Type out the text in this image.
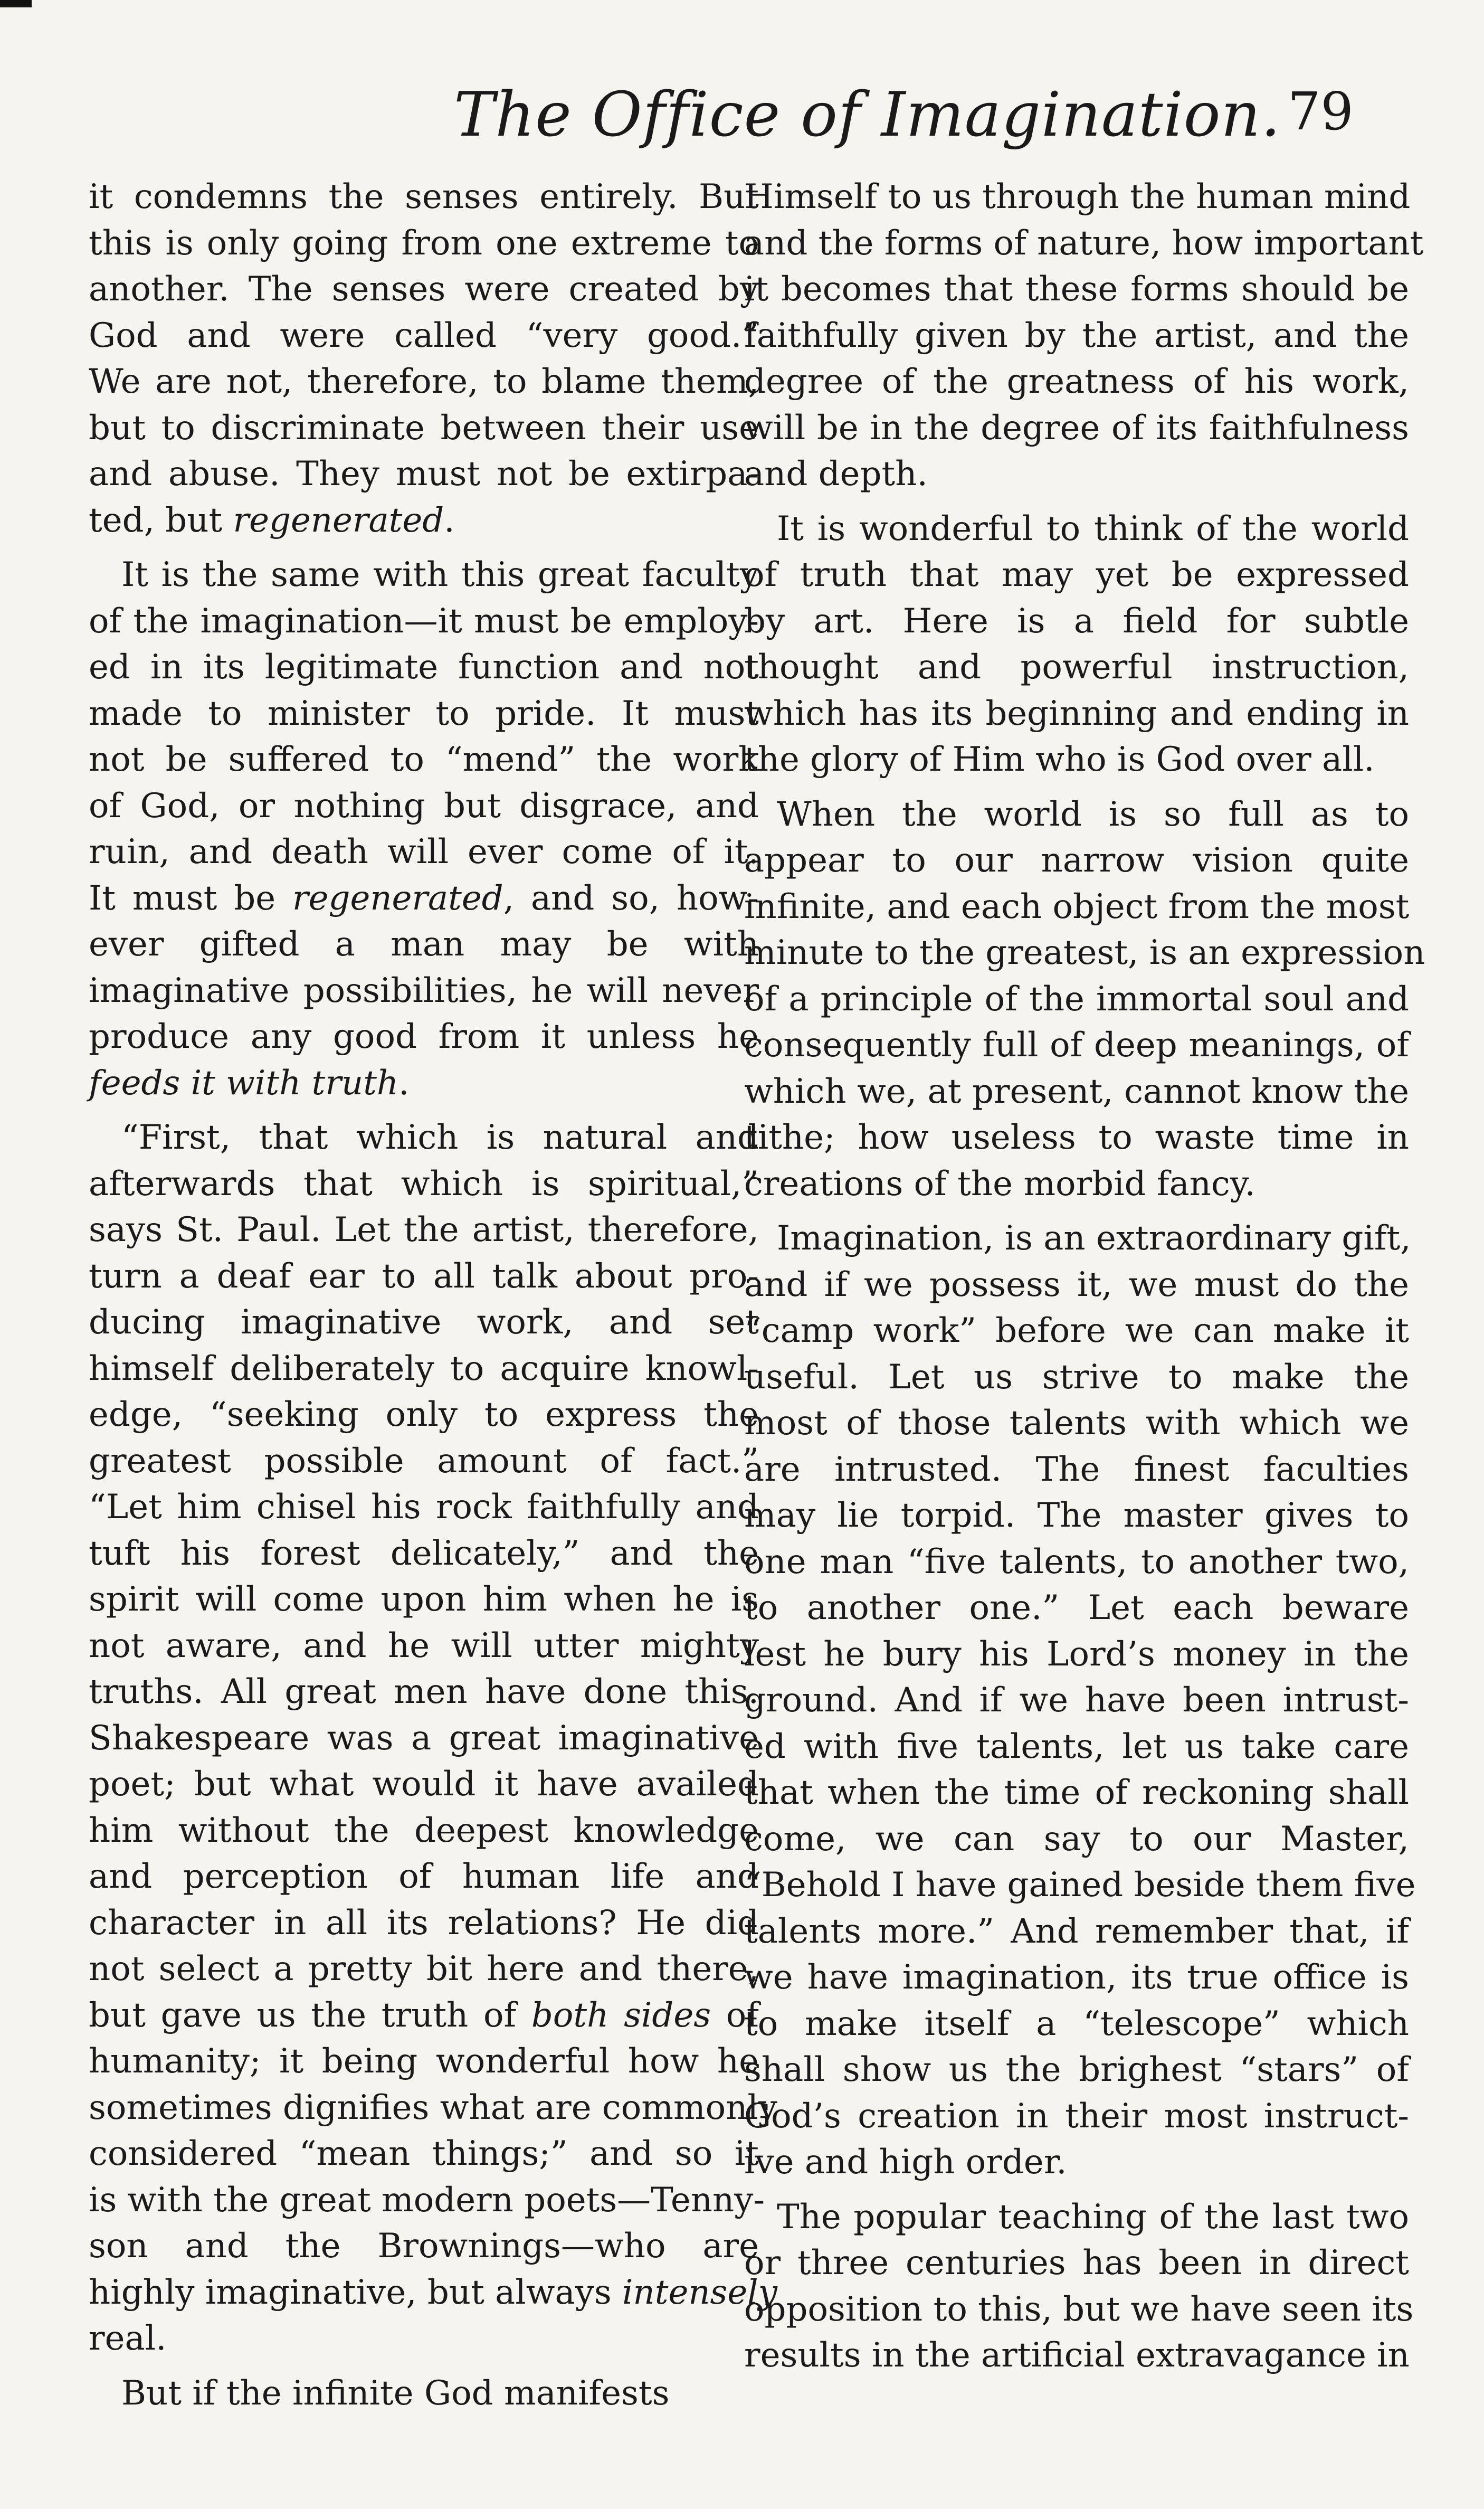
The Office of Imagination. 79

it condemns the senses entirely. But
this is only going from one extreme to
another. The senses were created by
God and were called “very good.”
We are not, therefore, to blame them,
but to discriminate between their use
and abuse. They must not be extirpa-
ted, but regenerated.

It is the same with this great faculty
of the imagination—it must be employ-
ed in its legitimate function and not
made to minister to pride. It must
not be suffered to “mend” the work
of God, or nothing but disgrace, and
ruin, and death will ever come of it.
It must be regenerated, and so, how-
ever gifted a man may be with
imaginative possibilities, he will never
produce any good from it unless he
feeds it with truth.

“First, that which is natural and
afterwards that which is spiritual,”
says St. Paul. Let the artist, therefore,
turn a deaf ear to all talk about pro-
ducing imaginative work, and set
himself deliberately to acquire knowl-
edge, “seeking only to express the
greatest possible amount of fact.”
“Let him chisel his rock faithfully and
tuft his forest delicately,” and the
spirit will come upon him when he is
not aware, and he will utter mighty
truths. All great men have done this.
Shakespeare was a great imaginative
poet; but what would it have availed
him without the deepest knowledge
and perception of human life and
character in all its relations? He did
not select a pretty bit here and there,
but gave us the truth of both sides of
humanity; it being wonderful how he
sometimes dignifies what are commonly
considered “mean things;” and so it
is with the great modern poets—Tenny-
son and the Brownings—who are
highly imaginative, but always intensely
real.

But if the infinite God manifests

Himself to us through the human mind
and the forms of nature, how important
it becomes that these forms should be
faithfully given by the artist, and the
degree of the greatness of his work,
will be in the degree of its faithfulness
and depth.

It is wonderful to think of the world
of truth that may yet be expressed
by art. Here is a field for subtle
thought and powerful instruction,
which has its beginning and ending in
the glory of Him who is God over all.

When the world is so full as to
appear to our narrow vision quite
infinite, and each object from the most
minute to the greatest, is an expression
of a principle of the immortal soul and
consequently full of deep meanings, of
which we, at present, cannot know the
tithe; how useless to waste time in
creations of the morbid fancy.

Imagination, is an extraordinary gift,
and if we possess it, we must do the
“camp work” before we can make it
useful. Let us strive to make the
most of those talents with which we
are intrusted. The finest faculties
may lie torpid. The master gives to
one man “five talents, to another two,
to another one.” Let each beware
lest he bury his Lord’s money in the
ground. And if we have been intrust-
ed with five talents, let us take care
that when the time of reckoning shall
come, we can say to our Master,
“Behold I have gained beside them five
talents more.” And remember that, if
we have imagination, its true office is
to make itself a “telescope” which
shall show us the brighest “stars” of
God’s creation in their most instruct-
ive and high order.

The popular teaching of the last two
or three centuries has been in direct
opposition to this, but we have seen its
results in the artificial extravagance in
